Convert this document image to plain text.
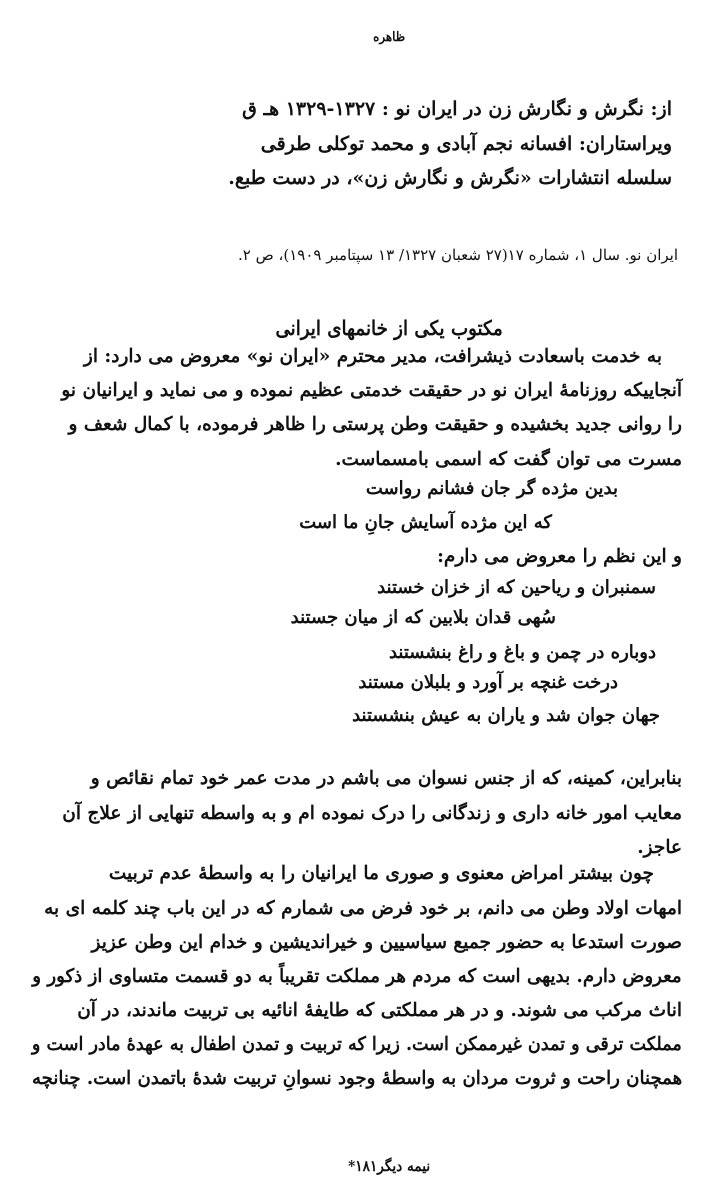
ظاهره
از: نگرش و نگارش زن در ایران نو : ۱۳۲۷-۱۳۲۹ هـ ق
ویراستاران: افسانه نجم آبادی و محمد توکلی طرقی
سلسله انتشارات «نگرش و نگارش زن»، در دست طبع.
ایران نو. سال ۱، شماره ۱۷(۲۷ شعبان ۱۳۲۷/ ۱۳ سپتامبر ۱۹۰۹)، ص ۲.
مکتوب یکی از خانمهای ایرانی
به خدمت باسعادت ذیشرافت، مدیر محترم «ایران نو» معروض می دارد: از
آنجاییکه روزنامهٔ ایران نو در حقیقت خدمتی عظیم نموده و می نماید و ایرانیان نو
را روانی جدید بخشیده و حقیقت وطن پرستی را ظاهر فرموده، با کمال شعف و
مسرت می توان گفت که اسمی بامسماست.
بدین مژده گر جان فشانم رواست
که این مژده آسایش جانِ ما است
و این نظم را معروض می دارم:
سمنبران و ریاحین که از خزان خستند
سُهی قدان بلابین که از میان جستند
دوباره در چمن و باغ و راغ بنشستند
درخت غنچه بر آورد و بلبلان مستند
جهان جوان شد و یاران به عیش بنشستند
بنابراین، کمینه، که از جنس نسوان می باشم در مدت عمر خود تمام نقائص و
معایب امور خانه داری و زندگانی را درک نموده ام و به واسطه تنهایی از علاج آن
عاجز.
چون بیشتر امراض معنوی و صوری ما ایرانیان را به واسطهٔ عدم تربیت
امهات اولاد وطن می دانم، بر خود فرض می شمارم که در این باب چند کلمه ای به
صورت استدعا به حضور جمیع سیاسیین و خیراندیشین و خدام این وطن عزیز
معروض دارم. بدیهی است که مردم هر مملکت تقریباً به دو قسمت متساوی از ذکور و
اناث مرکب می شوند. و در هر مملکتی که طایفهٔ انائیه بی تربیت ماندند، در آن
مملکت ترقی و تمدن غیرممکن است. زیرا که تربیت و تمدن اطفال به عهدهٔ مادر است و
همچنان راحت و ثروت مردان به واسطهٔ وجود نسوانِ تربیت شدهٔ باتمدن است. چنانچه
نیمه دیگر۱۸۱*
